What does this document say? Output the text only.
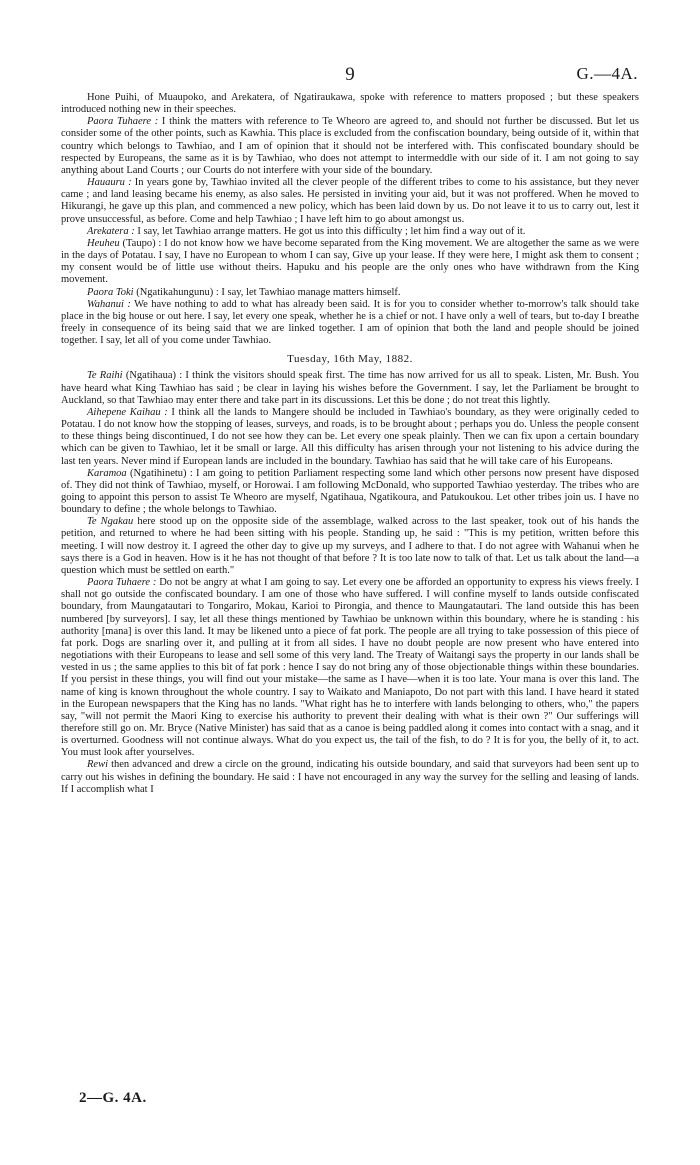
9	G.—4A.

Hone Puihi, of Muaupoko, and Arekatera, of Ngatiraukawa, spoke with reference to matters proposed ; but these speakers introduced nothing new in their speeches.

Paora Tuhaere : I think the matters with reference to Te Wheoro are agreed to, and should not further be discussed. But let us consider some of the other points, such as Kawhia. This place is excluded from the confiscation boundary, being outside of it, within that country which belongs to Tawhiao, and I am of opinion that it should not be interfered with. This confiscated boundary should be respected by Europeans, the same as it is by Tawhiao, who does not attempt to intermeddle with our side of it. I am not going to say anything about Land Courts ; our Courts do not interfere with your side of the boundary.

Hauauru : In years gone by, Tawhiao invited all the clever people of the different tribes to come to his assistance, but they never came ; and land leasing became his enemy, as also sales. He persisted in inviting your aid, but it was not proffered. When he moved to Hikurangi, he gave up this plan, and commenced a new policy, which has been laid down by us. Do not leave it to us to carry out, lest it prove unsuccessful, as before. Come and help Tawhiao ; I have left him to go about amongst us.

Arekatera : I say, let Tawhiao arrange matters. He got us into this difficulty ; let him find a way out of it.

Heuheu (Taupo) : I do not know how we have become separated from the King movement. We are altogether the same as we were in the days of Potatau. I say, I have no European to whom I can say, Give up your lease. If they were here, I might ask them to consent ; my consent would be of little use without theirs. Hapuku and his people are the only ones who have withdrawn from the King movement.

Paora Toki (Ngatikahungunu) : I say, let Tawhiao manage matters himself.

Wahanui : We have nothing to add to what has already been said. It is for you to consider whether to-morrow's talk should take place in the big house or out here. I say, let every one speak, whether he is a chief or not. I have only a well of tears, but to-day I breathe freely in consequence of its being said that we are linked together. I am of opinion that both the land and people should be joined together. I say, let all of you come under Tawhiao.

Tuesday, 16th May, 1882.

Te Raihi (Ngatihaua) : I think the visitors should speak first. The time has now arrived for us all to speak. Listen, Mr. Bush. You have heard what King Tawhiao has said ; be clear in laying his wishes before the Government. I say, let the Parliament be brought to Auckland, so that Tawhiao may enter there and take part in its discussions. Let this be done ; do not treat this lightly.

Aihepene Kaihau : I think all the lands to Mangere should be included in Tawhiao's boundary, as they were originally ceded to Potatau. I do not know how the stopping of leases, surveys, and roads, is to be brought about ; perhaps you do. Unless the people consent to these things being discontinued, I do not see how they can be. Let every one speak plainly. Then we can fix upon a certain boundary which can be given to Tawhiao, let it be small or large. All this difficulty has arisen through your not listening to his advice during the last ten years. Never mind if European lands are included in the boundary. Tawhiao has said that he will take care of his Europeans.

Karamoa (Ngatihinetu) : I am going to petition Parliament respecting some land which other persons now present have disposed of. They did not think of Tawhiao, myself, or Horowai. I am following McDonald, who supported Tawhiao yesterday. The tribes who are going to appoint this person to assist Te Wheoro are myself, Ngatihaua, Ngatikoura, and Patukoukou. Let other tribes join us. I have no boundary to define ; the whole belongs to Tawhiao.

Te Ngakau here stood up on the opposite side of the assemblage, walked across to the last speaker, took out of his hands the petition, and returned to where he had been sitting with his people. Standing up, he said : "This is my petition, written before this meeting. I will now destroy it. I agreed the other day to give up my surveys, and I adhere to that. I do not agree with Wahanui when he says there is a God in heaven. How is it he has not thought of that before ? It is too late now to talk of that. Let us talk about the land—a question which must be settled on earth."

Paora Tuhaere : Do not be angry at what I am going to say. Let every one be afforded an opportunity to express his views freely. I shall not go outside the confiscated boundary. I am one of those who have suffered. I will confine myself to lands outside confiscated boundary, from Maungatautari to Tongariro, Mokau, Karioi to Pirongia, and thence to Maungatautari. The land outside this has been numbered [by surveyors]. I say, let all these things mentioned by Tawhiao be unknown within this boundary, where he is standing : his authority [mana] is over this land. It may be likened unto a piece of fat pork. The people are all trying to take possession of this piece of fat pork. Dogs are snarling over it, and pulling at it from all sides. I have no doubt people are now present who have entered into negotiations with their Europeans to lease and sell some of this very land. The Treaty of Waitangi says the property in our lands shall be vested in us ; the same applies to this bit of fat pork : hence I say do not bring any of those objectionable things within these boundaries. If you persist in these things, you will find out your mistake—the same as I have—when it is too late. Your mana is over this land. The name of king is known throughout the whole country. I say to Waikato and Maniapoto, Do not part with this land. I have heard it stated in the European newspapers that the King has no lands. "What right has he to interfere with lands belonging to others, who," the papers say, "will not permit the Maori King to exercise his authority to prevent their dealing with what is their own ?" Our sufferings will therefore still go on. Mr. Bryce (Native Minister) has said that as a canoe is being paddled along it comes into contact with a snag, and it is overturned. Goodness will not continue always. What do you expect us, the tail of the fish, to do ? It is for you, the belly of it, to act. You must look after yourselves.

Rewi then advanced and drew a circle on the ground, indicating his outside boundary, and said that surveyors had been sent up to carry out his wishes in defining the boundary. He said : I have not encouraged in any way the survey for the selling and leasing of lands. If I accomplish what I

2—G. 4A.
